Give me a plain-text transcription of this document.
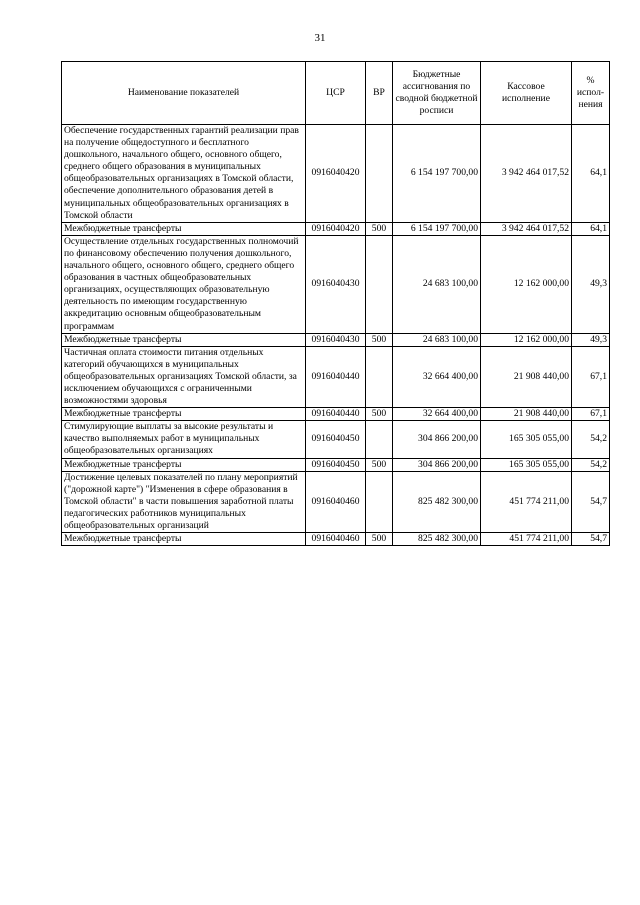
31
Наименование показателей	ЦСР	ВР	Бюджетные ассигнования по сводной бюджетной росписи	Кассовое исполнение	% испол-нения
Обеспечение государственных гарантий реализации прав на получение общедоступного и бесплатного дошкольного, начального общего, основного общего, среднего общего образования в муниципальных общеобразовательных организациях в Томской области, обеспечение дополнительного образования детей в муниципальных общеобразовательных организациях в Томской области	0916040420		6 154 197 700,00	3 942 464 017,52	64,1
Межбюджетные трансферты	0916040420	500	6 154 197 700,00	3 942 464 017,52	64,1
Осуществление отдельных государственных полномочий по финансовому обеспечению получения дошкольного, начального общего, основного общего, среднего общего образования в частных общеобразовательных организациях, осуществляющих образовательную деятельность по имеющим государственную аккредитацию основным общеобразовательным программам	0916040430		24 683 100,00	12 162 000,00	49,3
Межбюджетные трансферты	0916040430	500	24 683 100,00	12 162 000,00	49,3
Частичная оплата стоимости питания отдельных категорий обучающихся в муниципальных общеобразовательных организациях Томской области, за исключением обучающихся с ограниченными возможностями здоровья	0916040440		32 664 400,00	21 908 440,00	67,1
Межбюджетные трансферты	0916040440	500	32 664 400,00	21 908 440,00	67,1
Стимулирующие выплаты за высокие результаты и качество выполняемых работ в муниципальных общеобразовательных организациях	0916040450		304 866 200,00	165 305 055,00	54,2
Межбюджетные трансферты	0916040450	500	304 866 200,00	165 305 055,00	54,2
Достижение целевых показателей по плану мероприятий ("дорожной карте") "Изменения в сфере образования в Томской области" в части повышения заработной платы педагогических работников муниципальных общеобразовательных организаций	0916040460		825 482 300,00	451 774 211,00	54,7
Межбюджетные трансферты	0916040460	500	825 482 300,00	451 774 211,00	54,7
